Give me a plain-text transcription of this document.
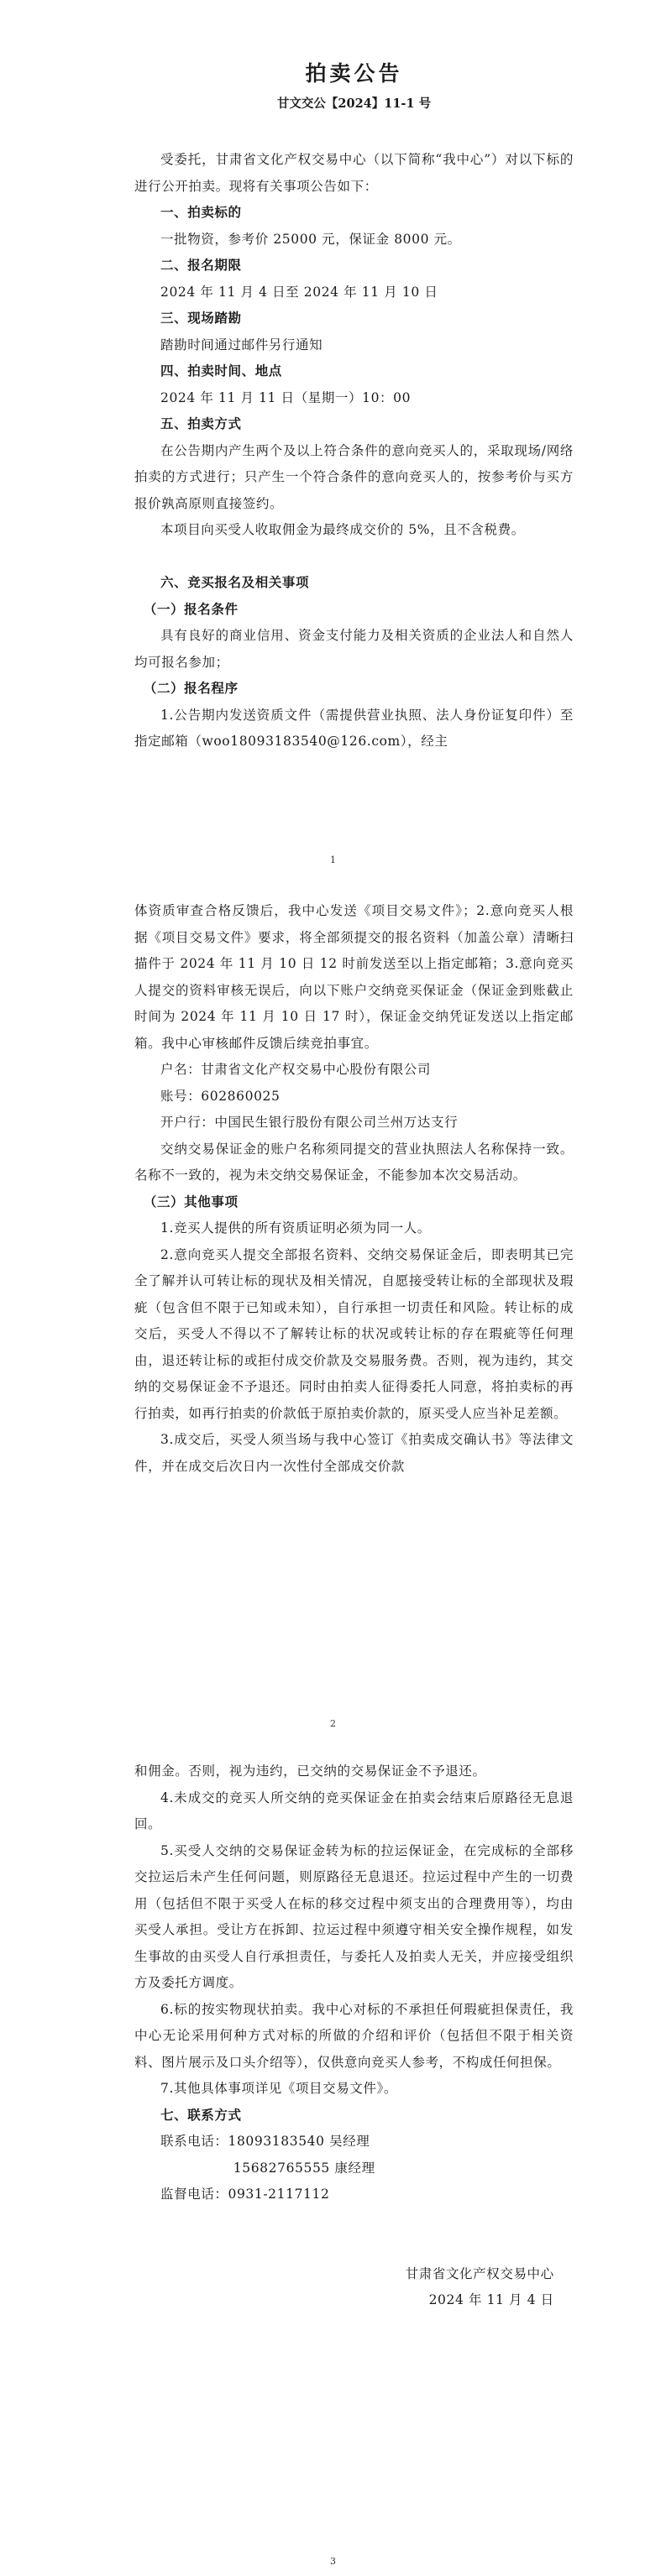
拍卖公告
甘文交公【2024】11-1 号

受委托，甘肃省文化产权交易中心（以下简称“我中心”）对以下标的进行公开拍卖。现将有关事项公告如下：

一、拍卖标的

一批物资，参考价 25000 元，保证金 8000 元。

二、报名期限

2024 年 11 月 4 日至 2024 年 11 月 10 日

三、现场踏勘

踏勘时间通过邮件另行通知

四、拍卖时间、地点

2024 年 11 月 11 日（星期一）10：00

五、拍卖方式

在公告期内产生两个及以上符合条件的意向竞买人的，采取现场/网络拍卖的方式进行；只产生一个符合条件的意向竞买人的，按参考价与买方报价孰高原则直接签约。

本项目向买受人收取佣金为最终成交价的 5%，且不含税费。

六、竞买报名及相关事项

（一）报名条件

具有良好的商业信用、资金支付能力及相关资质的企业法人和自然人均可报名参加；

（二）报名程序

1.公告期内发送资质文件（需提供营业执照、法人身份证复印件）至指定邮箱（woo18093183540@126.com），经主

1

体资质审查合格反馈后，我中心发送《项目交易文件》；2.意向竞买人根据《项目交易文件》要求，将全部须提交的报名资料（加盖公章）清晰扫描件于 2024 年 11 月 10 日 12 时前发送至以上指定邮箱；3.意向竞买人提交的资料审核无误后，向以下账户交纳竞买保证金（保证金到账截止时间为 2024 年 11 月 10 日 17 时），保证金交纳凭证发送以上指定邮箱。我中心审核邮件反馈后续竞拍事宜。

户名：甘肃省文化产权交易中心股份有限公司

账号：602860025

开户行：中国民生银行股份有限公司兰州万达支行

交纳交易保证金的账户名称须同提交的营业执照法人名称保持一致。名称不一致的，视为未交纳交易保证金，不能参加本次交易活动。

（三）其他事项

1.竞买人提供的所有资质证明必须为同一人。

2.意向竞买人提交全部报名资料、交纳交易保证金后，即表明其已完全了解并认可转让标的现状及相关情况，自愿接受转让标的全部现状及瑕疵（包含但不限于已知或未知），自行承担一切责任和风险。转让标的成交后，买受人不得以不了解转让标的状况或转让标的存在瑕疵等任何理由，退还转让标的或拒付成交价款及交易服务费。否则，视为违约，其交纳的交易保证金不予退还。同时由拍卖人征得委托人同意，将拍卖标的再行拍卖，如再行拍卖的价款低于原拍卖价款的，原买受人应当补足差额。

3.成交后，买受人须当场与我中心签订《拍卖成交确认书》等法律文件，并在成交后次日内一次性付全部成交价款

2

和佣金。否则，视为违约，已交纳的交易保证金不予退还。

4.未成交的竞买人所交纳的竞买保证金在拍卖会结束后原路径无息退回。

5.买受人交纳的交易保证金转为标的拉运保证金，在完成标的全部移交拉运后未产生任何问题，则原路径无息退还。拉运过程中产生的一切费用（包括但不限于买受人在标的移交过程中须支出的合理费用等），均由买受人承担。受让方在拆卸、拉运过程中须遵守相关安全操作规程，如发生事故的由买受人自行承担责任，与委托人及拍卖人无关，并应接受组织方及委托方调度。

6.标的按实物现状拍卖。我中心对标的不承担任何瑕疵担保责任，我中心无论采用何种方式对标的所做的介绍和评价（包括但不限于相关资料、图片展示及口头介绍等），仅供意向竞买人参考，不构成任何担保。

7.其他具体事项详见《项目交易文件》。

七、联系方式

联系电话：18093183540 吴经理

15682765555 康经理

监督电话：0931-2117112

甘肃省文化产权交易中心

2024 年 11 月 4 日

3
